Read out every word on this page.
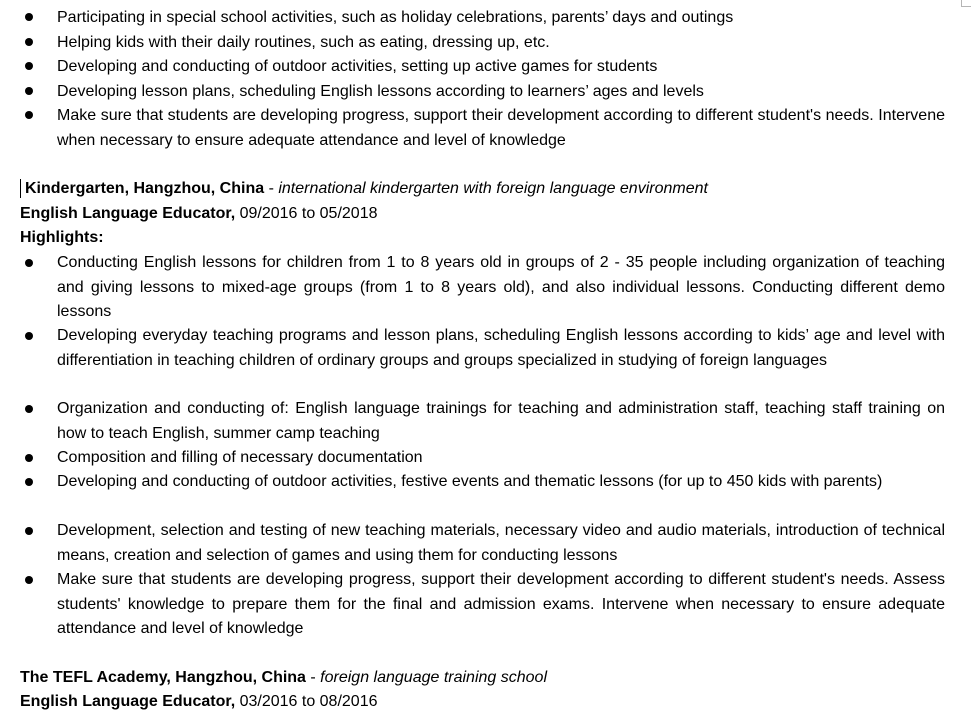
Participating in special school activities, such as holiday celebrations, parents’ days and outings

Helping kids with their daily routines, such as eating, dressing up, etc.

Developing and conducting of outdoor activities, setting up active games for students

Developing lesson plans, scheduling English lessons according to learners’ ages and levels

Make sure that students are developing progress, support their development according to different student's needs. Intervene when necessary to ensure adequate attendance and level of knowledge

Kindergarten, Hangzhou, China - international kindergarten with foreign language environment
English Language Educator, 09/2016 to 05/2018
Highlights:

Conducting English lessons for children from 1 to 8 years old in groups of 2 - 35 people including organization of teaching and giving lessons to mixed-age groups (from 1 to 8 years old), and also individual lessons. Conducting different demo lessons

Developing everyday teaching programs and lesson plans, scheduling English lessons according to kids’ age and level with differentiation in teaching children of ordinary groups and groups specialized in studying of foreign languages

Organization and conducting of: English language trainings for teaching and administration staff, teaching staff training on how to teach English, summer camp teaching

Composition and filling of necessary documentation

Developing and conducting of outdoor activities, festive events and thematic lessons (for up to 450 kids with parents)

Development, selection and testing of new teaching materials, necessary video and audio materials, introduction of technical means, creation and selection of games and using them for conducting lessons

Make sure that students are developing progress, support their development according to different student's needs. Assess students' knowledge to prepare them for the final and admission exams. Intervene when necessary to ensure adequate attendance and level of knowledge

The TEFL Academy, Hangzhou, China - foreign language training school
English Language Educator, 03/2016 to 08/2016
